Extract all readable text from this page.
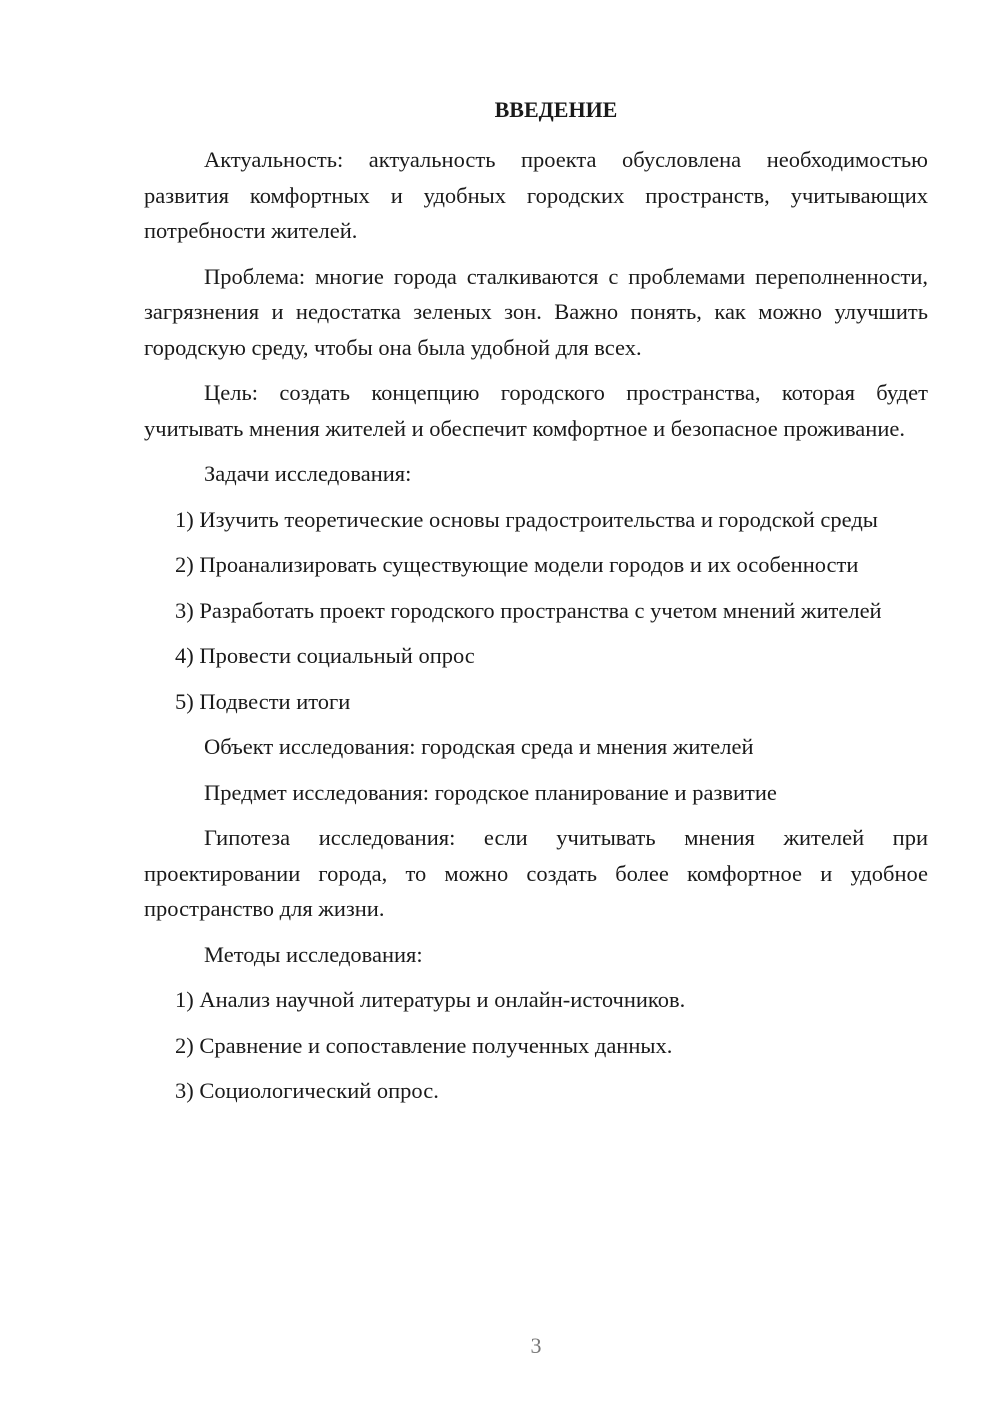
ВВЕДЕНИЕ

Актуальность: актуальность проекта обусловлена необходимостью развития комфортных и удобных городских пространств, учитывающих потребности жителей.

Проблема: многие города сталкиваются с проблемами переполненности, загрязнения и недостатка зеленых зон. Важно понять, как можно улучшить городскую среду, чтобы она была удобной для всех.

Цель: создать концепцию городского пространства, которая будет учитывать мнения жителей и обеспечит комфортное и безопасное проживание.

Задачи исследования:

1) Изучить теоретические основы градостроительства и городской среды

2) Проанализировать существующие модели городов и их особенности

3) Разработать проект городского пространства с учетом мнений жителей

4) Провести социальный опрос

5) Подвести итоги

Объект исследования: городская среда и мнения жителей

Предмет исследования: городское планирование и развитие

Гипотеза исследования: если учитывать мнения жителей при проектировании города, то можно создать более комфортное и удобное пространство для жизни.

Методы исследования:

1) Анализ научной литературы и онлайн-источников.

2) Сравнение и сопоставление полученных данных.

3) Социологический опрос.

3
